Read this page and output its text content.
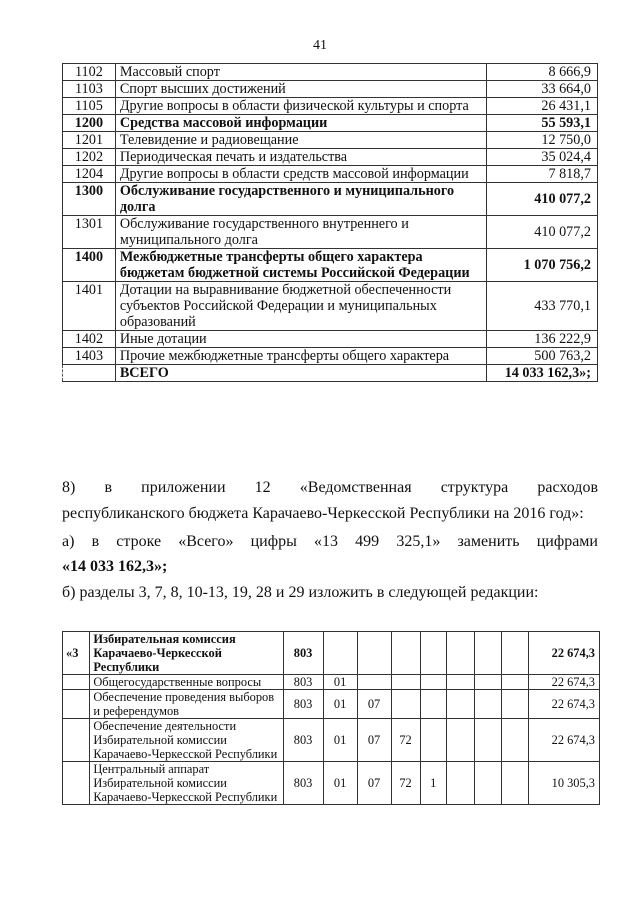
41
1102	Массовый спорт	8 666,9
1103	Спорт высших достижений	33 664,0
1105	Другие вопросы в области физической культуры и спорта	26 431,1
1200	Средства массовой информации	55 593,1
1201	Телевидение и радиовещание	12 750,0
1202	Периодическая печать и издательства	35 024,4
1204	Другие вопросы в области средств массовой информации	7 818,7
1300	Обслуживание государственного и муниципального долга	410 077,2
1301	Обслуживание государственного внутреннего и муниципального долга	410 077,2
1400	Межбюджетные трансферты общего характера бюджетам бюджетной системы Российской Федерации	1 070 756,2
1401	Дотации на выравнивание бюджетной обеспеченности субъектов Российской Федерации и муниципальных образований	433 770,1
1402	Иные дотации	136 222,9
1403	Прочие межбюджетные трансферты общего характера	500 763,2
	ВСЕГО	14 033 162,3»;
8) в приложении 12 «Ведомственная структура расходов
республиканского бюджета Карачаево-Черкесской Республики на 2016 год»:
а) в строке «Всего» цифры «13 499 325,1» заменить цифрами
«14 033 162,3»;
б) разделы 3, 7, 8, 10-13, 19, 28 и 29 изложить в следующей редакции:
«3	Избирательная комиссия Карачаево-Черкесской Республики	803								22 674,3
	Общегосударственные вопросы	803	01							22 674,3
	Обеспечение проведения выборов и референдумов	803	01	07						22 674,3
	Обеспечение деятельности Избирательной комиссии Карачаево-Черкесской Республики	803	01	07	72					22 674,3
	Центральный аппарат Избирательной комиссии Карачаево-Черкесской Республики	803	01	07	72	1				10 305,3
